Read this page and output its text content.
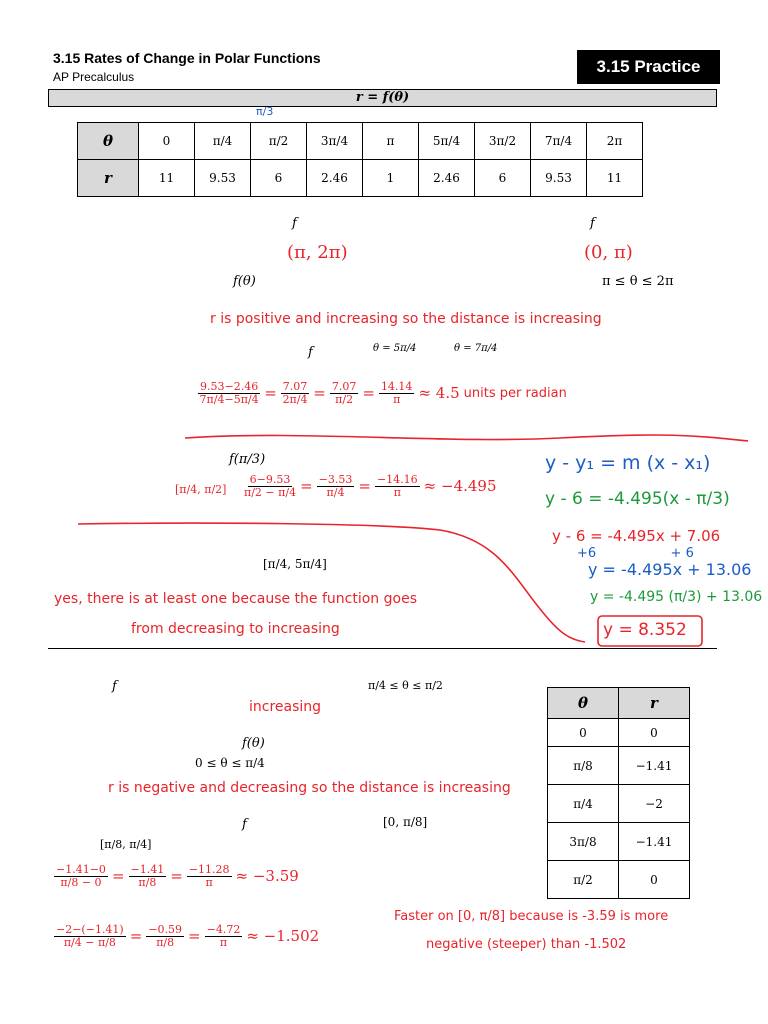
3.15 Rates of Change in Polar Functions
AP Precalculus
3.15 Practice
r = f(θ)
π/3
θ	0	π/4	π/2	3π/4	π	5π/4	3π/2	7π/4	2π
r	11	9.53	6	2.46	1	2.46	6	9.53	11
f	f
(π, 2π)	(0, π)
f(θ)	π ≤ θ ≤ 2π
r is positive and increasing so the distance is increasing
f	θ = 5π/4	θ = 7π/4
$\frac{9.53-2.46}{7\pi/4-5\pi/4} = \frac{7.07}{2\pi/4} = \frac{7.07}{\pi/2} = \frac{14.14}{\pi} \approx 4.5$ units per radian
f(π/3)
[π/4, $\pi/2] \frac{6-9.53}{\pi/2 - \pi/4} = \frac{-3.53}{\pi/4} = \frac{-14.16}{\pi} \approx -4.495$
y - y₁ = m (x - x₁)
y - 6 = -4.495(x - π/3)
y - 6 = -4.495x + 7.06
+6                  + 6
y = -4.495x + 13.06
y = -4.495 (π/3) + 13.06
y = 8.352
[π/4, 5π/4]
yes, there is at least one because the function goes
from decreasing to increasing
f	π/4 ≤ θ ≤ π/2
increasing
f(θ)
0 ≤ θ ≤ π/4
r is negative and decreasing so the distance is increasing
f	[0, π/8]
[π/8, π/4]
$\frac{-1.41-0}{\pi/8 - 0} = \frac{-1.41}{\pi/8} = \frac{-11.28}{\pi} \approx -3.59$
$\frac{-2-(-1.41)}{\pi/4 - \pi/8} = \frac{-0.59}{\pi/8} = \frac{-4.72}{\pi} \approx -1.502$
Faster on [0, π/8] because is -3.59 is more
negative (steeper) than -1.502
θ	r
0	0
π/8	−1.41
π/4	−2
3π/8	−1.41
π/2	0
